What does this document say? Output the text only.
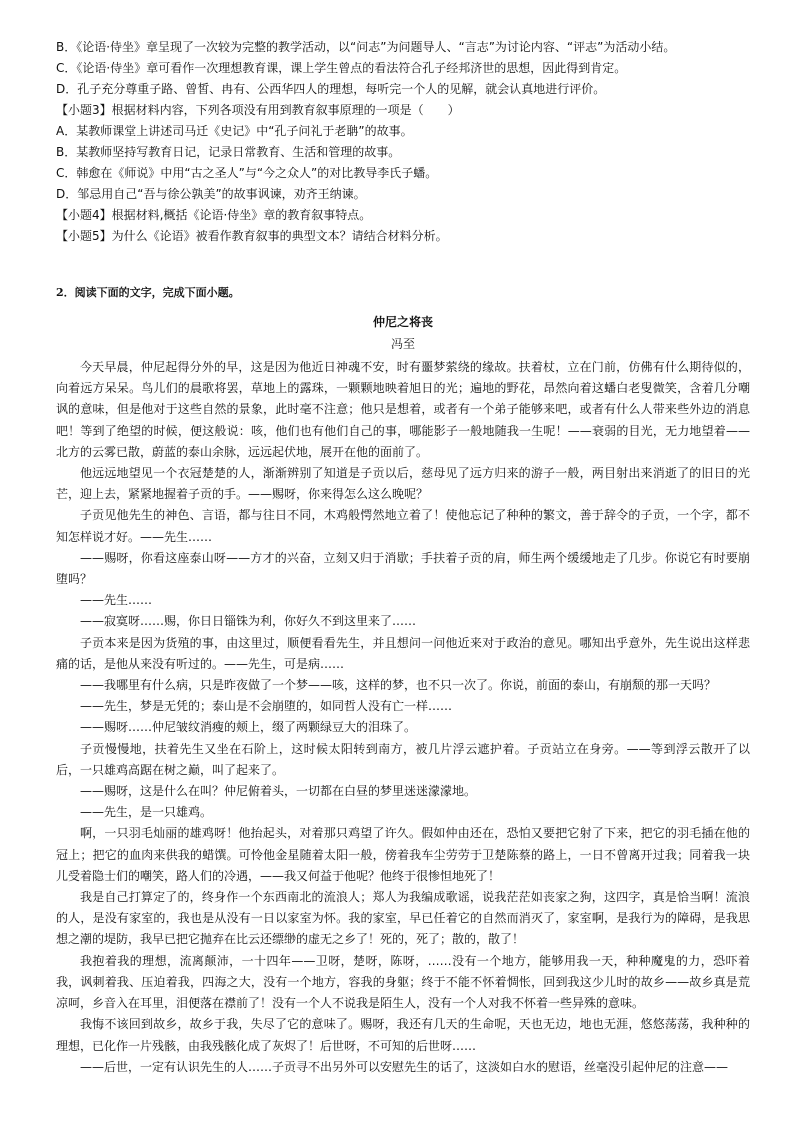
B．《论语·侍坐》章呈现了一次较为完整的教学活动，以“问志”为问题导人、“言志”为讨论内容、“评志”为活动小结。

C．《论语·侍坐》章可看作一次理想教育课，课上学生曾点的看法符合孔子经邦济世的思想，因此得到肯定。

D．孔子充分尊重子路、曾皙、冉有、公西华四人的理想，每听完一个人的见解，就会认真地进行评价。

【小题3】根据材料内容，下列各项没有用到教育叙事原理的一项是（　　）

A．某教师课堂上讲述司马迁《史记》中“孔子问礼于老聃”的故事。

B．某教师坚持写教育日记，记录日常教育、生活和管理的故事。

C．韩愈在《师说》中用“古之圣人”与“今之众人”的对比教导李氏子蟠。

D．邹忌用自己“吾与徐公孰美”的故事讽谏，劝齐王纳谏。

【小题4】根据材料,概括《论语·侍坐》章的教育叙事特点。

【小题5】为什么《论语》被看作教育叙事的典型文本？请结合材料分析。

2．阅读下面的文字，完成下面小题。

仲尼之将丧
冯至

今天早晨，仲尼起得分外的早，这是因为他近日神魂不安，时有噩梦萦绕的缘故。扶着杖，立在门前，仿佛有什么期待似的，向着远方呆呆。鸟儿们的晨歌将罢，草地上的露珠，一颗颗地映着旭日的光；遍地的野花，昂然向着这蟠白老叟微笑，含着几分嘲讽的意味，但是他对于这些自然的景象，此时毫不注意；他只是想着，或者有一个弟子能够来吧，或者有什么人带来些外边的消息吧！等到了绝望的时候，便这般说：咳，他们也有他们自己的事，哪能影子一般地随我一生呢！——衰弱的目光，无力地望着——北方的云雾已散，蔚蓝的泰山余脉，远远起伏地，展开在他的面前了。

他远远地望见一个衣冠楚楚的人，渐渐辨别了知道是子贡以后，慈母见了远方归来的游子一般，两目射出来消逝了的旧日的光芒，迎上去，紧紧地握着子贡的手。——赐呀，你来得怎么这么晚呢？

子贡见他先生的神色、言语，都与往日不同，木鸡般愕然地立着了！使他忘记了种种的繁文，善于辞令的子贡，一个字，都不知怎样说才好。——先生……

——赐呀，你看这座泰山呀——方才的兴奋，立刻又归于消歇；手扶着子贡的肩，师生两个缓缓地走了几步。你说它有时要崩堕吗？

——先生……

——寂寞呀……赐，你日日锱铢为利，你好久不到这里来了……

子贡本来是因为货殖的事，由这里过，顺便看看先生，并且想问一问他近来对于政治的意见。哪知出乎意外，先生说出这样悲痛的话，是他从来没有听过的。——先生，可是病……

——我哪里有什么病，只是昨夜做了一个梦——咳，这样的梦，也不只一次了。你说，前面的泰山，有崩颓的那一天吗？

——先生，梦是无凭的；泰山是不会崩堕的，如同哲人没有亡一样……

——赐呀……仲尼皱纹消瘦的颊上，缀了两颗绿豆大的泪珠了。

子贡慢慢地，扶着先生又坐在石阶上，这时候太阳转到南方，被几片浮云遮护着。子贡站立在身旁。——等到浮云散开了以后，一只雄鸡高踞在树之巅，叫了起来了。

——赐呀，这是什么在叫？仲尼俯着头，一切都在白昼的梦里迷迷濛濛地。

——先生，是一只雄鸡。

啊，一只羽毛灿丽的雄鸡呀！他抬起头，对着那只鸡望了许久。假如仲由还在，恐怕又要把它射了下来，把它的羽毛插在他的冠上；把它的血肉来供我的蜡馔。可怜他金星随着太阳一般，傍着我车尘劳劳于卫楚陈蔡的路上，一日不曾离开过我；同着我一块儿受着隐士们的嘲笑，路人们的冷遇，——我又何益于他呢？他终于很惨怛地死了！

我是自己打算定了的，终身作一个东西南北的流浪人；郑人为我编成歌谣，说我茫茫如丧家之狗，这四字，真是恰当啊！流浪的人，是没有家室的，我也是从没有一日以家室为怀。我的家室，早已任着它的自然而消灭了，家室啊，是我行为的障碍，是我思想之潮的堤防，我早已把它抛弃在比云还缥缈的虚无之乡了！死的，死了；散的，散了！

我抱着我的理想，流离颠沛，一十四年——卫呀，楚呀，陈呀，……没有一个地方，能够用我一天，种种魔鬼的力，恐吓着我，讽刺着我、压迫着我，四海之大，没有一个地方，容我的身躯；终于不能不怀着惆怅，回到我这少儿时的故乡——故乡真是荒凉呵，乡音入在耳里，泪便落在襟前了！没有一个人不说我是陌生人，没有一个人对我不怀着一些异殊的意味。

我悔不该回到故乡，故乡于我，失尽了它的意味了。赐呀，我还有几天的生命呢，天也无边，地也无涯，悠悠荡荡，我种种的理想，已化作一片残骸，由我残骸化成了灰烬了！后世呀，不可知的后世呀……

——后世，一定有认识先生的人……子贡寻不出另外可以安慰先生的话了，这淡如白水的慰语，丝毫没引起仲尼的注意——
